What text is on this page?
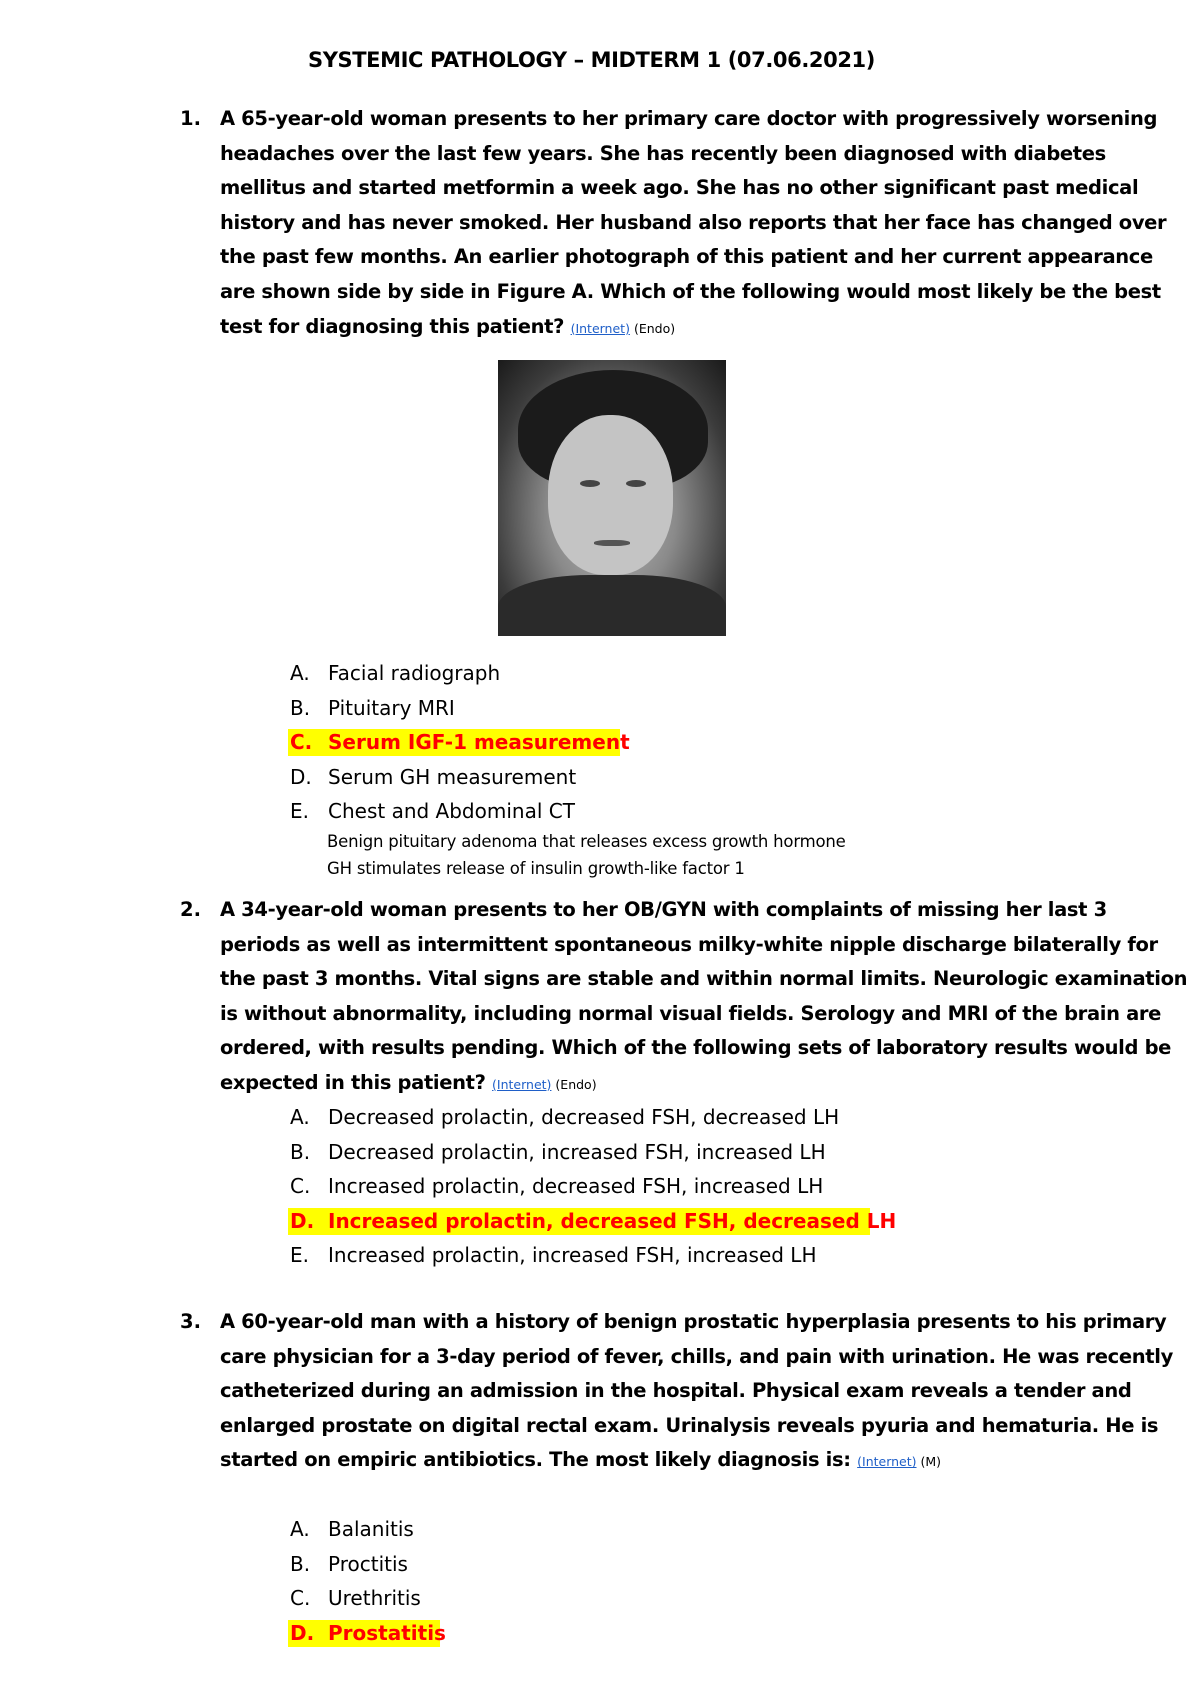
SYSTEMIC PATHOLOGY – MIDTERM 1 (07.06.2021)
1. A 65-year-old woman presents to her primary care doctor with progressively worsening headaches over the last few years. She has recently been diagnosed with diabetes mellitus and started metformin a week ago. She has no other significant past medical history and has never smoked. Her husband also reports that her face has changed over the past few months. An earlier photograph of this patient and her current appearance are shown side by side in Figure A. Which of the following would most likely be the best test for diagnosing this patient? (Internet) (Endo)
A. Facial radiograph
B. Pituitary MRI
C. Serum IGF-1 measurement
D. Serum GH measurement
E. Chest and Abdominal CT
Benign pituitary adenoma that releases excess growth hormone
GH stimulates release of insulin growth-like factor 1
2. A 34-year-old woman presents to her OB/GYN with complaints of missing her last 3 periods as well as intermittent spontaneous milky-white nipple discharge bilaterally for the past 3 months. Vital signs are stable and within normal limits. Neurologic examination is without abnormality, including normal visual fields. Serology and MRI of the brain are ordered, with results pending. Which of the following sets of laboratory results would be expected in this patient? (Internet) (Endo)
A. Decreased prolactin, decreased FSH, decreased LH
B. Decreased prolactin, increased FSH, increased LH
C. Increased prolactin, decreased FSH, increased LH
D. Increased prolactin, decreased FSH, decreased LH
E. Increased prolactin, increased FSH, increased LH
3. A 60-year-old man with a history of benign prostatic hyperplasia presents to his primary care physician for a 3-day period of fever, chills, and pain with urination. He was recently catheterized during an admission in the hospital. Physical exam reveals a tender and enlarged prostate on digital rectal exam. Urinalysis reveals pyuria and hematuria. He is started on empiric antibiotics. The most likely diagnosis is: (Internet) (M)
A. Balanitis
B. Proctitis
C. Urethritis
D. Prostatitis
